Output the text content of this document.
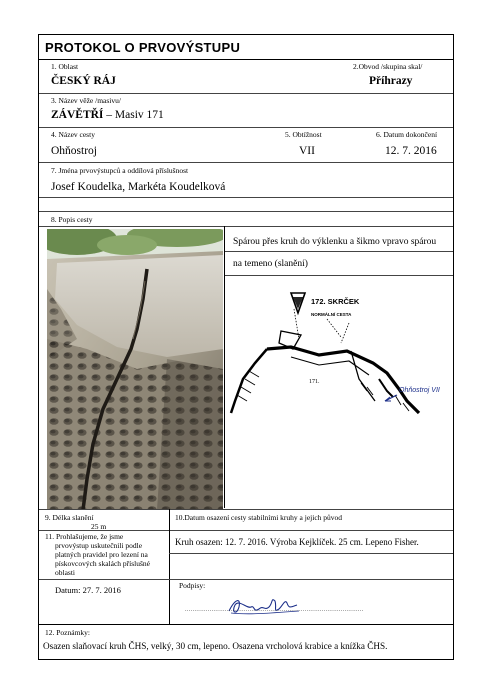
PROTOKOL O PRVOVÝSTUPU
1. Oblast	2.Obvod /skupina skal/
ČESKÝ RÁJ	Příhrazy
3. Název věže /masivu/
ZÁVĚTŘÍ – Masiv 171
4. Název cesty	5. Obtížnost	6. Datum dokončení
Ohňostroj	VII	12. 7. 2016
7. Jména prvovýstupců a oddílová příslušnost
Josef Koudelka, Markéta Koudelková
8. Popis cesty
Spárou přes kruh do výklenku a šikmo vpravo spárou
na temeno (slanění)
172. SKRČEK
NORMÁLNÍ CESTA
171.
Ohňostroj VII
9. Délka slanění
25 m
10.Datum osazení cesty stabilními kruhy a jejich původ
11. Prohlašujeme, že jsme
prvovýstup uskutečnili podle
platných pravidel pro lezení na
pískovcových skalách příslušné
oblasti
Kruh osazen: 12. 7. 2016. Výroba Kejklíček. 25 cm. Lepeno Fisher.
Datum: 27. 7. 2016	Podpisy:
..............................................................................................
12. Poznámky:
Osazen slaňovací kruh ČHS, velký, 30 cm, lepeno. Osazena vrcholová krabice a knížka ČHS.
